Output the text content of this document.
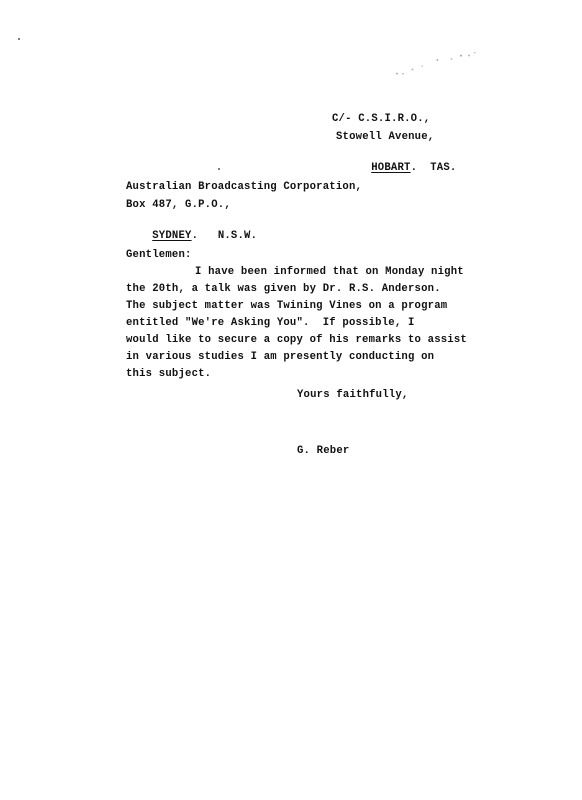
C/- C.S.I.R.O.,
Stowell Avenue,

HOBART.  TAS.

Australian Broadcasting Corporation,
Box 487, G.P.O.,

SYDNEY.   N.S.W.

Gentlemen:
I have been informed that on Monday night
the 20th, a talk was given by Dr. R.S. Anderson.
The subject matter was Twining Vines on a program
entitled "We're Asking You".  If possible, I
would like to secure a copy of his remarks to assist
in various studies I am presently conducting on
this subject.
Yours faithfully,
G. Reber
